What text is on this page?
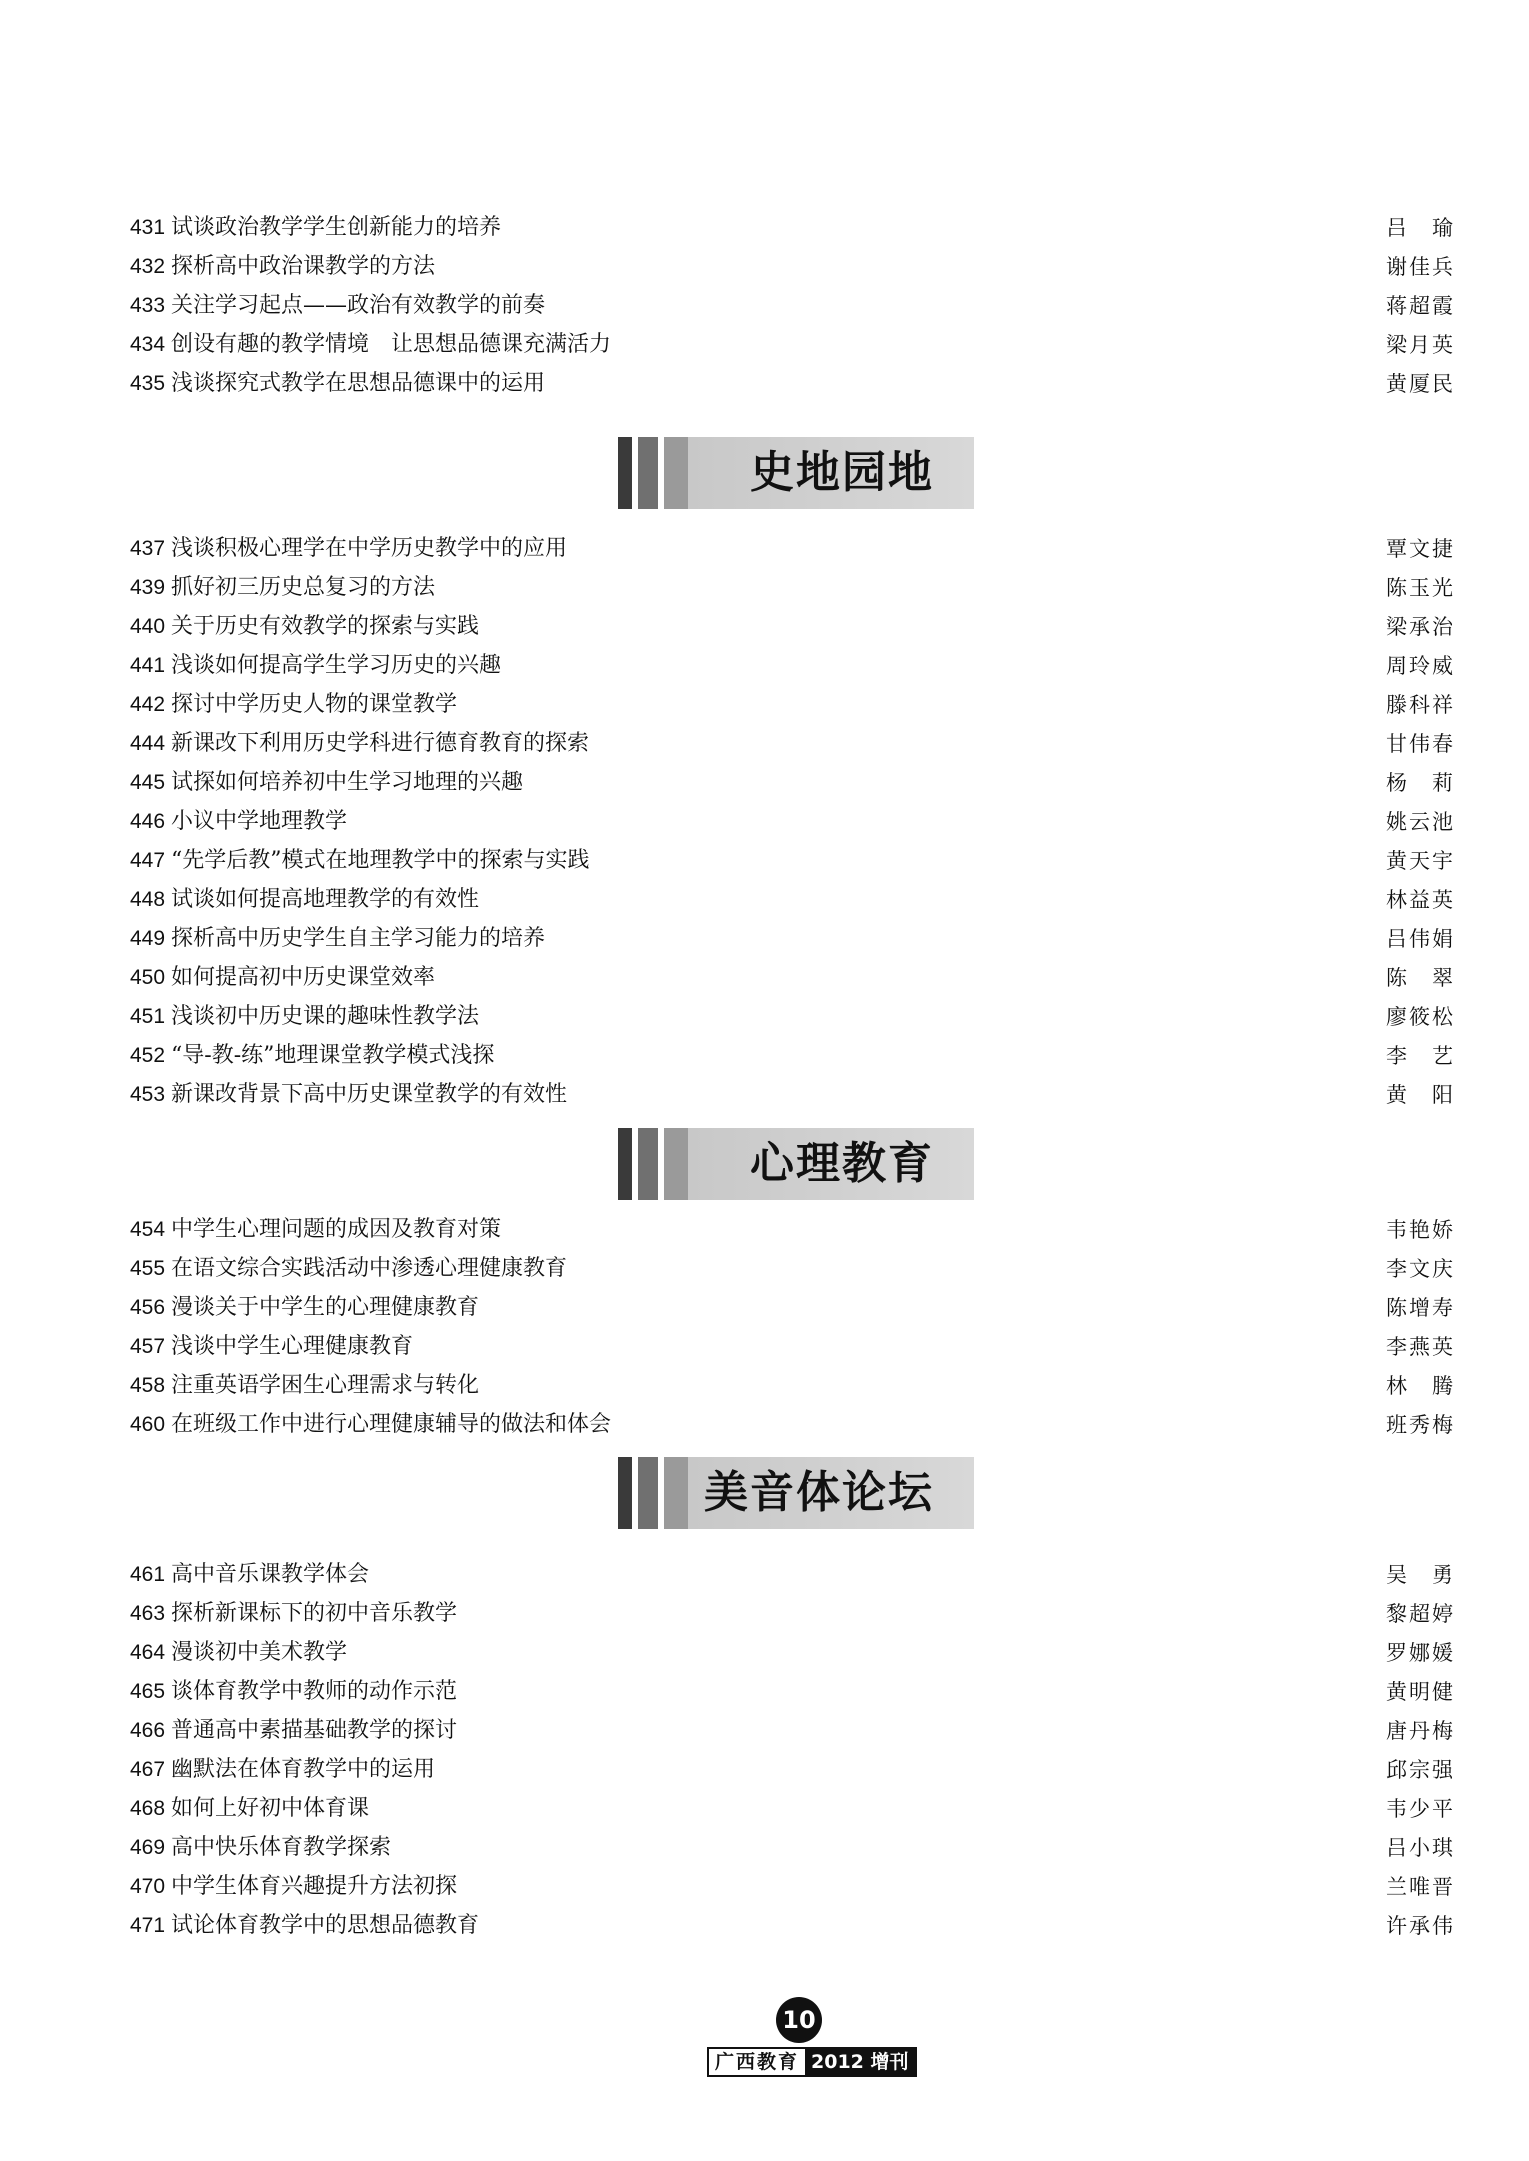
431 试谈政治教学学生创新能力的培养	吕　瑜
432 探析高中政治课教学的方法	谢佳兵
433 关注学习起点——政治有效教学的前奏	蒋超霞
434 创设有趣的教学情境　让思想品德课充满活力	梁月英
435 浅谈探究式教学在思想品德课中的运用	黄厦民
史地园地
437 浅谈积极心理学在中学历史教学中的应用	覃文捷
439 抓好初三历史总复习的方法	陈玉光
440 关于历史有效教学的探索与实践	梁承治
441 浅谈如何提高学生学习历史的兴趣	周玲威
442 探讨中学历史人物的课堂教学	滕科祥
444 新课改下利用历史学科进行德育教育的探索	甘伟春
445 试探如何培养初中生学习地理的兴趣	杨　莉
446 小议中学地理教学	姚云池
447 “先学后教”模式在地理教学中的探索与实践	黄天宇
448 试谈如何提高地理教学的有效性	林益英
449 探析高中历史学生自主学习能力的培养	吕伟娟
450 如何提高初中历史课堂效率	陈　翠
451 浅谈初中历史课的趣味性教学法	廖筱松
452 “导-教-练”地理课堂教学模式浅探	李　艺
453 新课改背景下高中历史课堂教学的有效性	黄　阳
心理教育
454 中学生心理问题的成因及教育对策	韦艳娇
455 在语文综合实践活动中渗透心理健康教育	李文庆
456 漫谈关于中学生的心理健康教育	陈增寿
457 浅谈中学生心理健康教育	李燕英
458 注重英语学困生心理需求与转化	林　腾
460 在班级工作中进行心理健康辅导的做法和体会	班秀梅
美音体论坛
461 高中音乐课教学体会	吴　勇
463 探析新课标下的初中音乐教学	黎超婷
464 漫谈初中美术教学	罗娜媛
465 谈体育教学中教师的动作示范	黄明健
466 普通高中素描基础教学的探讨	唐丹梅
467 幽默法在体育教学中的运用	邱宗强
468 如何上好初中体育课	韦少平
469 高中快乐体育教学探索	吕小琪
470 中学生体育兴趣提升方法初探	兰唯晋
471 试论体育教学中的思想品德教育	许承伟
10
广西教育 2012 增刊
